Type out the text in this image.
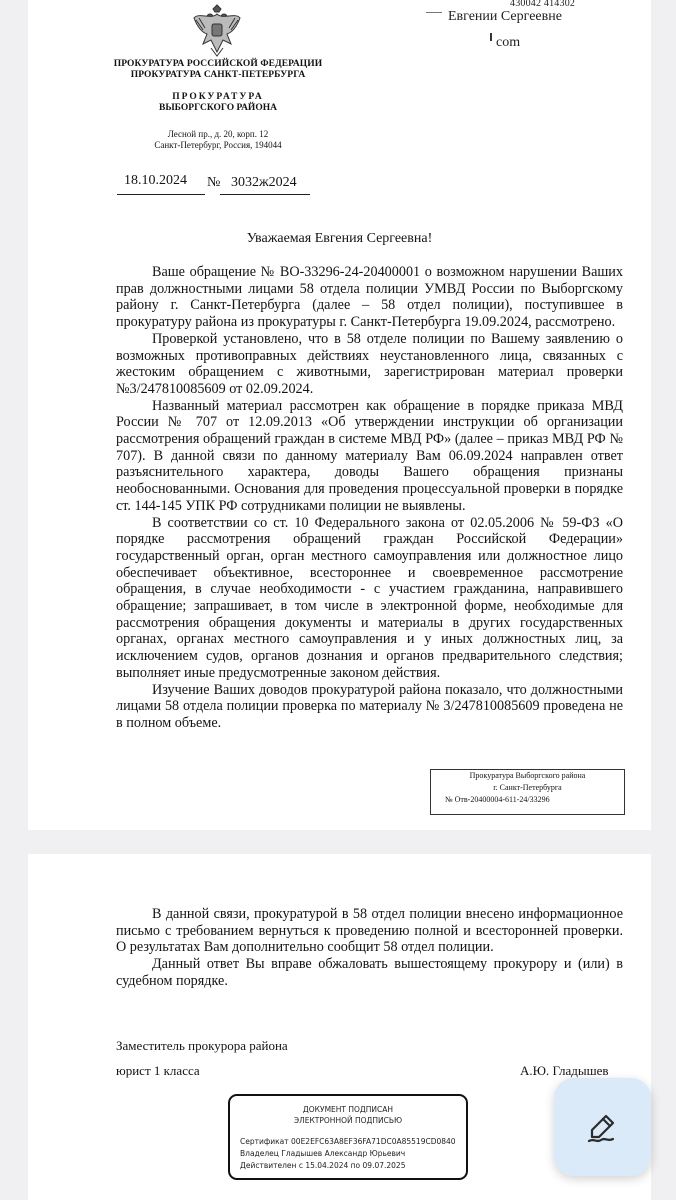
430042 414302
Евгении Сергеевне
com
ПРОКУРАТУРА РОССИЙСКОЙ ФЕДЕРАЦИИ
ПРОКУРАТУРА САНКТ-ПЕТЕРБУРГА
ПРОКУРАТУРА
ВЫБОРГСКОГО РАЙОНА
Лесной пр., д. 20, корп. 12
Санкт-Петербург, Россия, 194044
18.10.2024 № 3032ж2024
Уважаемая Евгения Сергеевна!

Ваше обращение № ВО-33296-24-20400001 о возможном нарушении Ваших прав должностными лицами 58 отдела полиции УМВД России по Выборгскому району г. Санкт-Петербурга (далее – 58 отдел полиции), поступившее в прокуратуру района из прокуратуры г. Санкт-Петербурга 19.09.2024, рассмотрено.

Проверкой установлено, что в 58 отделе полиции по Вашему заявлению о возможных противоправных действиях неустановленного лица, связанных с жестоким обращением с животными, зарегистрирован материал проверки №3/247810085609 от 02.09.2024.

Названный материал рассмотрен как обращение в порядке приказа МВД России № 707 от 12.09.2013 «Об утверждении инструкции об организации рассмотрения обращений граждан в системе МВД РФ» (далее – приказ МВД РФ № 707). В данной связи по данному материалу Вам 06.09.2024 направлен ответ разъяснительного характера, доводы Вашего обращения признаны необоснованными. Основания для проведения процессуальной проверки в порядке ст. 144-145 УПК РФ сотрудниками полиции не выявлены.

В соответствии со ст. 10 Федерального закона от 02.05.2006 № 59-ФЗ «О порядке рассмотрения обращений граждан Российской Федерации» государственный орган, орган местного самоуправления или должностное лицо обеспечивает объективное, всестороннее и своевременное рассмотрение обращения, в случае необходимости - с участием гражданина, направившего обращение; запрашивает, в том числе в электронной форме, необходимые для рассмотрения обращения документы и материалы в других государственных органах, органах местного самоуправления и у иных должностных лиц, за исключением судов, органов дознания и органов предварительного следствия; выполняет иные предусмотренные законом действия.

Изучение Ваших доводов прокуратурой района показало, что должностными лицами 58 отдела полиции проверка по материалу № 3/247810085609 проведена не в полном объеме.

Прокуратура Выборгского района
г. Санкт-Петербурга
№ Отв-20400004-611-24/33296

В данной связи, прокуратурой в 58 отдел полиции внесено информационное письмо с требованием вернуться к проведению полной и всесторонней проверки. О результатах Вам дополнительно сообщит 58 отдел полиции.

Данный ответ Вы вправе обжаловать вышестоящему прокурору и (или) в судебном порядке.

Заместитель прокурора района
юрист 1 класса	А.Ю. Гладышев
ДОКУМЕНТ ПОДПИСАН
ЭЛЕКТРОННОЙ ПОДПИСЬЮ
Сертификат 00E2EFC63A8EF36FA71DC0A85519CD0840
Владелец Гладышев Александр Юрьевич
Действителен с 15.04.2024 по 09.07.2025
